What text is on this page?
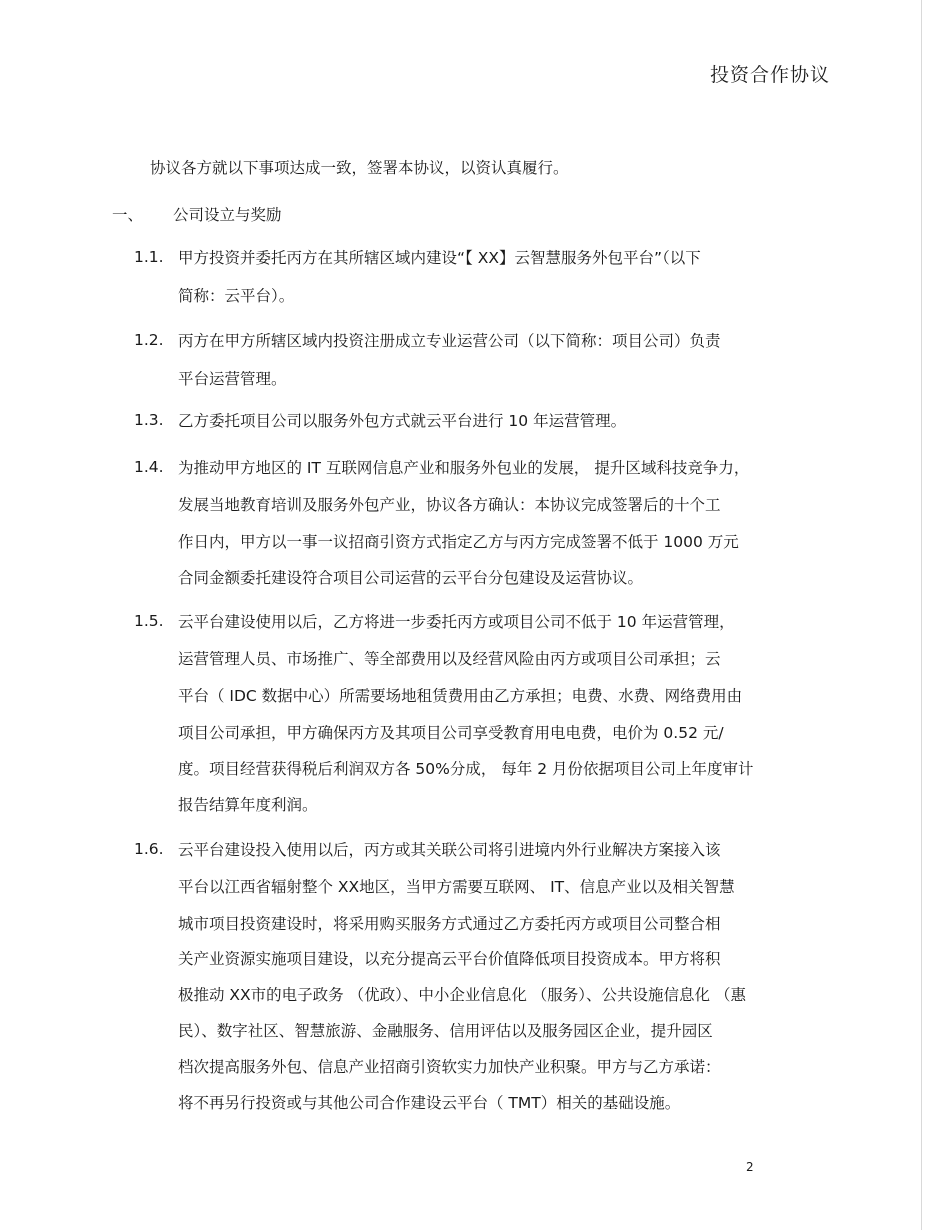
投资合作协议
协议各方就以下事项达成一致，签署本协议，以资认真履行。
一、 公司设立与奖励
1.1. 甲方投资并委托丙方在其所辖区域内建设“【 XX】云智慧服务外包平台”（以下
简称：云平台）。
1.2. 丙方在甲方所辖区域内投资注册成立专业运营公司（以下简称：项目公司）负责
平台运营管理。
1.3. 乙方委托项目公司以服务外包方式就云平台进行 10 年运营管理。
1.4. 为推动甲方地区的 IT 互联网信息产业和服务外包业的发展， 提升区域科技竞争力，
发展当地教育培训及服务外包产业，协议各方确认：本协议完成签署后的十个工
作日内，甲方以一事一议招商引资方式指定乙方与丙方完成签署不低于 1000 万元
合同金额委托建设符合项目公司运营的云平台分包建设及运营协议。
1.5. 云平台建设使用以后，乙方将进一步委托丙方或项目公司不低于 10 年运营管理，
运营管理人员、市场推广、等全部费用以及经营风险由丙方或项目公司承担；云
平台（ IDC 数据中心）所需要场地租赁费用由乙方承担；电费、水费、网络费用由
项目公司承担，甲方确保丙方及其项目公司享受教育用电电费，电价为 0.52 元/
度。项目经营获得税后利润双方各 50%分成， 每年 2 月份依据项目公司上年度审计
报告结算年度利润。
1.6. 云平台建设投入使用以后，丙方或其关联公司将引进境内外行业解决方案接入该
平台以江西省辐射整个 XX地区，当甲方需要互联网、 IT、信息产业以及相关智慧
城市项目投资建设时，将采用购买服务方式通过乙方委托丙方或项目公司整合相
关产业资源实施项目建设，以充分提高云平台价值降低项目投资成本。甲方将积
极推动 XX市的电子政务 （优政）、中小企业信息化 （服务）、公共设施信息化 （惠
民）、数字社区、智慧旅游、金融服务、信用评估以及服务园区企业，提升园区
档次提高服务外包、信息产业招商引资软实力加快产业积聚。甲方与乙方承诺：
将不再另行投资或与其他公司合作建设云平台（ TMT）相关的基础设施。
2
